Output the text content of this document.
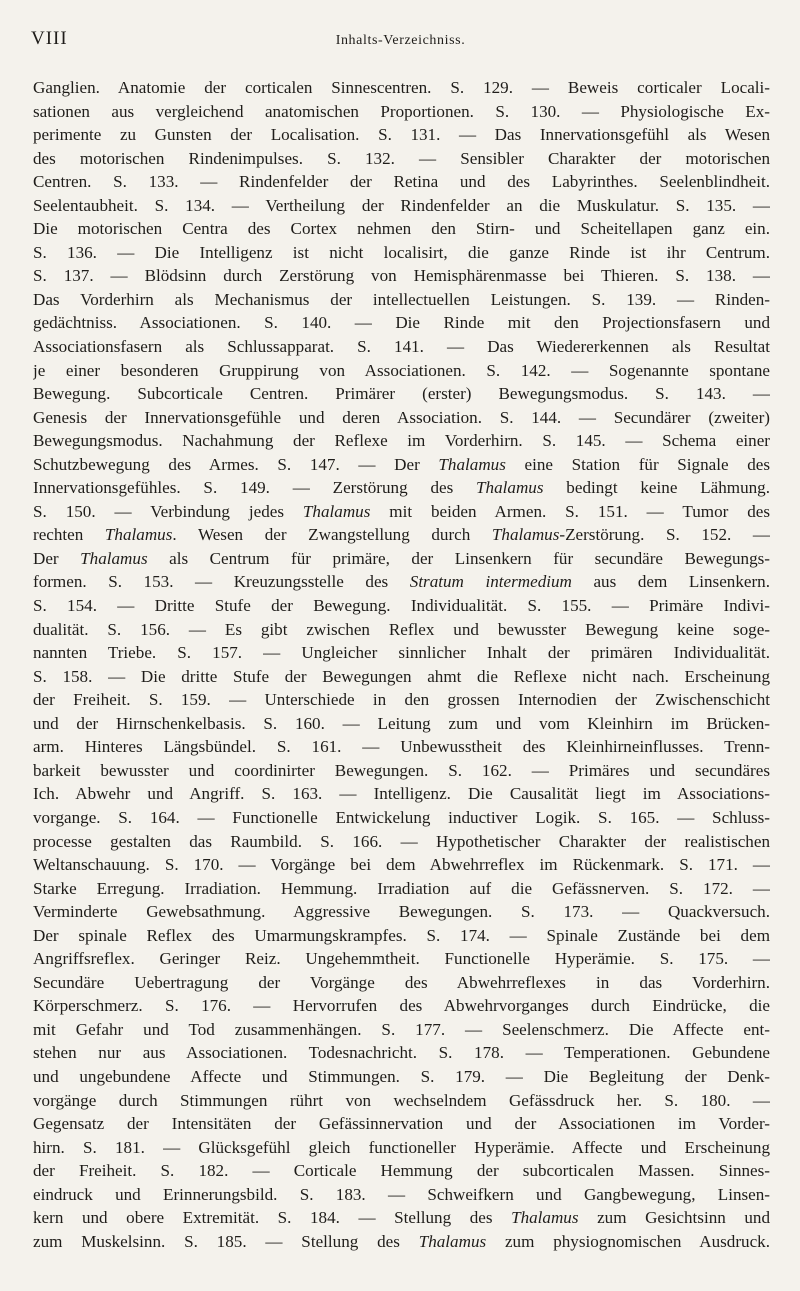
VIII	Inhalts-Verzeichniss.
Ganglien. Anatomie der corticalen Sinnescentren. S. 129. — Beweis corticaler Locali-
sationen aus vergleichend anatomischen Proportionen. S. 130. — Physiologische Ex-
perimente zu Gunsten der Localisation. S. 131. — Das Innervationsgefühl als Wesen
des motorischen Rindenimpulses. S. 132. — Sensibler Charakter der motorischen
Centren. S. 133. — Rindenfelder der Retina und des Labyrinthes. Seelenblindheit.
Seelentaubheit. S. 134. — Vertheilung der Rindenfelder an die Muskulatur. S. 135. —
Die motorischen Centra des Cortex nehmen den Stirn- und Scheitellapen ganz ein.
S. 136. — Die Intelligenz ist nicht localisirt, die ganze Rinde ist ihr Centrum.
S. 137. — Blödsinn durch Zerstörung von Hemisphärenmasse bei Thieren. S. 138. —
Das Vorderhirn als Mechanismus der intellectuellen Leistungen. S. 139. — Rinden-
gedächtniss. Associationen. S. 140. — Die Rinde mit den Projectionsfasern und
Associationsfasern als Schlussapparat. S. 141. — Das Wiedererkennen als Resultat
je einer besonderen Gruppirung von Associationen. S. 142. — Sogenannte spontane
Bewegung. Subcorticale Centren. Primärer (erster) Bewegungsmodus. S. 143. —
Genesis der Innervationsgefühle und deren Association. S. 144. — Secundärer (zweiter)
Bewegungsmodus. Nachahmung der Reflexe im Vorderhirn. S. 145. — Schema einer
Schutzbewegung des Armes. S. 147. — Der Thalamus eine Station für Signale des
Innervationsgefühles. S. 149. — Zerstörung des Thalamus bedingt keine Lähmung.
S. 150. — Verbindung jedes Thalamus mit beiden Armen. S. 151. — Tumor des
rechten Thalamus. Wesen der Zwangstellung durch Thalamus-Zerstörung. S. 152. —
Der Thalamus als Centrum für primäre, der Linsenkern für secundäre Bewegungs-
formen. S. 153. — Kreuzungsstelle des Stratum intermedium aus dem Linsenkern.
S. 154. — Dritte Stufe der Bewegung. Individualität. S. 155. — Primäre Indivi-
dualität. S. 156. — Es gibt zwischen Reflex und bewusster Bewegung keine soge-
nannten Triebe. S. 157. — Ungleicher sinnlicher Inhalt der primären Individualität.
S. 158. — Die dritte Stufe der Bewegungen ahmt die Reflexe nicht nach. Erscheinung
der Freiheit. S. 159. — Unterschiede in den grossen Internodien der Zwischenschicht
und der Hirnschenkelbasis. S. 160. — Leitung zum und vom Kleinhirn im Brücken-
arm. Hinteres Längsbündel. S. 161. — Unbewusstheit des Kleinhirneinflusses. Trenn-
barkeit bewusster und coordinirter Bewegungen. S. 162. — Primäres und secundäres
Ich. Abwehr und Angriff. S. 163. — Intelligenz. Die Causalität liegt im Associations-
vorgange. S. 164. — Functionelle Entwickelung inductiver Logik. S. 165. — Schluss-
processe gestalten das Raumbild. S. 166. — Hypothetischer Charakter der realistischen
Weltanschauung. S. 170. — Vorgänge bei dem Abwehrreflex im Rückenmark. S. 171. —
Starke Erregung. Irradiation. Hemmung. Irradiation auf die Gefässnerven. S. 172. —
Verminderte Gewebsathmung. Aggressive Bewegungen. S. 173. — Quackversuch.
Der spinale Reflex des Umarmungskrampfes. S. 174. — Spinale Zustände bei dem
Angriffsreflex. Geringer Reiz. Ungehemmtheit. Functionelle Hyperämie. S. 175. —
Secundäre Uebertragung der Vorgänge des Abwehrreflexes in das Vorderhirn.
Körperschmerz. S. 176. — Hervorrufen des Abwehrvorganges durch Eindrücke, die
mit Gefahr und Tod zusammenhängen. S. 177. — Seelenschmerz. Die Affecte ent-
stehen nur aus Associationen. Todesnachricht. S. 178. — Temperationen. Gebundene
und ungebundene Affecte und Stimmungen. S. 179. — Die Begleitung der Denk-
vorgänge durch Stimmungen rührt von wechselndem Gefässdruck her. S. 180. —
Gegensatz der Intensitäten der Gefässinnervation und der Associationen im Vorder-
hirn. S. 181. — Glücksgefühl gleich functioneller Hyperämie. Affecte und Erscheinung
der Freiheit. S. 182. — Corticale Hemmung der subcorticalen Massen. Sinnes-
eindruck und Erinnerungsbild. S. 183. — Schweifkern und Gangbewegung, Linsen-
kern und obere Extremität. S. 184. — Stellung des Thalamus zum Gesichtsinn und
zum Muskelsinn. S. 185. — Stellung des Thalamus zum physiognomischen Ausdruck.
